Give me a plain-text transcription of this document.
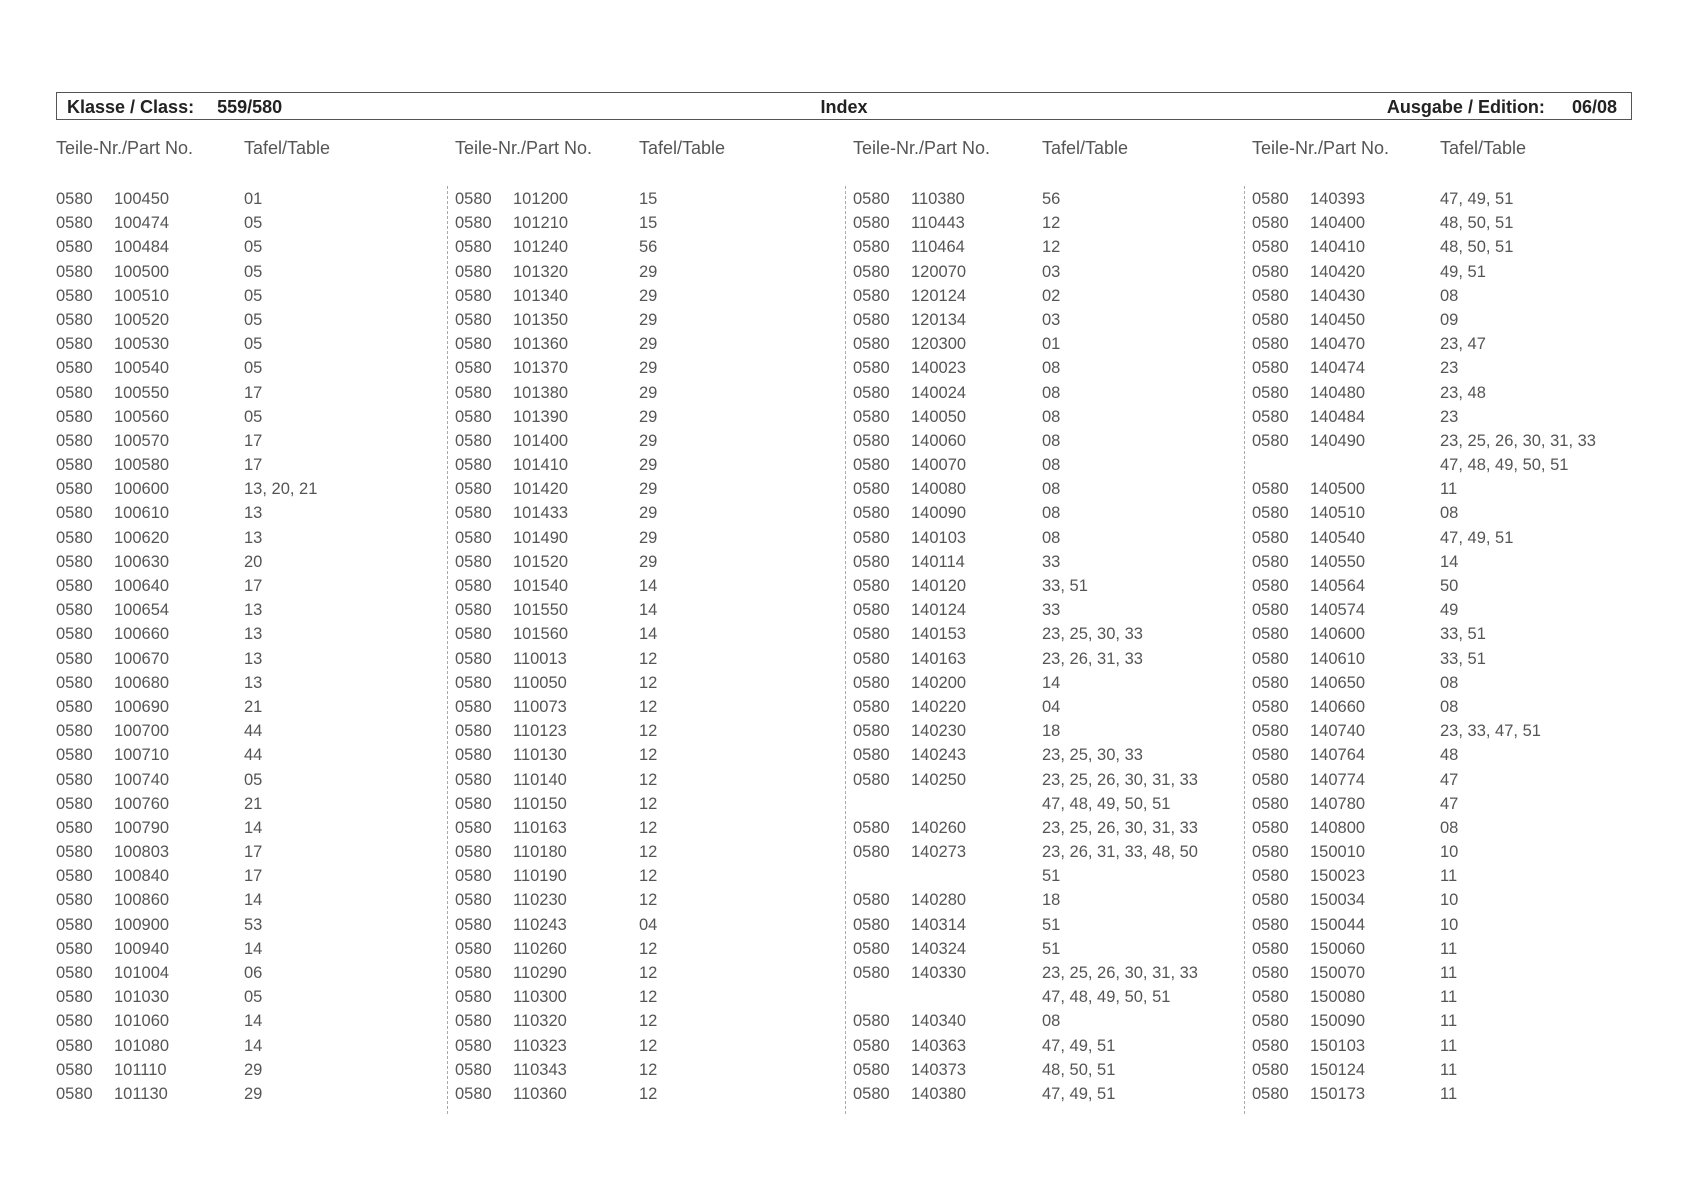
Klasse / Class: 559/580	Index	Ausgabe / Edition: 06/08
Teile-Nr./Part No.	Tafel/Table
0580 100450	01
0580 100474	05
0580 100484	05
0580 100500	05
0580 100510	05
0580 100520	05
0580 100530	05
0580 100540	05
0580 100550	17
0580 100560	05
0580 100570	17
0580 100580	17
0580 100600	13, 20, 21
0580 100610	13
0580 100620	13
0580 100630	20
0580 100640	17
0580 100654	13
0580 100660	13
0580 100670	13
0580 100680	13
0580 100690	21
0580 100700	44
0580 100710	44
0580 100740	05
0580 100760	21
0580 100790	14
0580 100803	17
0580 100840	17
0580 100860	14
0580 100900	53
0580 100940	14
0580 101004	06
0580 101030	05
0580 101060	14
0580 101080	14
0580 101110	29
0580 101130	29
Teile-Nr./Part No.	Tafel/Table
0580 101200	15
0580 101210	15
0580 101240	56
0580 101320	29
0580 101340	29
0580 101350	29
0580 101360	29
0580 101370	29
0580 101380	29
0580 101390	29
0580 101400	29
0580 101410	29
0580 101420	29
0580 101433	29
0580 101490	29
0580 101520	29
0580 101540	14
0580 101550	14
0580 101560	14
0580 110013	12
0580 110050	12
0580 110073	12
0580 110123	12
0580 110130	12
0580 110140	12
0580 110150	12
0580 110163	12
0580 110180	12
0580 110190	12
0580 110230	12
0580 110243	04
0580 110260	12
0580 110290	12
0580 110300	12
0580 110320	12
0580 110323	12
0580 110343	12
0580 110360	12
Teile-Nr./Part No.	Tafel/Table
0580 110380	56
0580 110443	12
0580 110464	12
0580 120070	03
0580 120124	02
0580 120134	03
0580 120300	01
0580 140023	08
0580 140024	08
0580 140050	08
0580 140060	08
0580 140070	08
0580 140080	08
0580 140090	08
0580 140103	08
0580 140114	33
0580 140120	33, 51
0580 140124	33
0580 140153	23, 25, 30, 33
0580 140163	23, 26, 31, 33
0580 140200	14
0580 140220	04
0580 140230	18
0580 140243	23, 25, 30, 33
0580 140250	23, 25, 26, 30, 31, 33
47, 48, 49, 50, 51
0580 140260	23, 25, 26, 30, 31, 33
0580 140273	23, 26, 31, 33, 48, 50
51
0580 140280	18
0580 140314	51
0580 140324	51
0580 140330	23, 25, 26, 30, 31, 33
47, 48, 49, 50, 51
0580 140340	08
0580 140363	47, 49, 51
0580 140373	48, 50, 51
0580 140380	47, 49, 51
Teile-Nr./Part No.	Tafel/Table
0580 140393	47, 49, 51
0580 140400	48, 50, 51
0580 140410	48, 50, 51
0580 140420	49, 51
0580 140430	08
0580 140450	09
0580 140470	23, 47
0580 140474	23
0580 140480	23, 48
0580 140484	23
0580 140490	23, 25, 26, 30, 31, 33
47, 48, 49, 50, 51
0580 140500	11
0580 140510	08
0580 140540	47, 49, 51
0580 140550	14
0580 140564	50
0580 140574	49
0580 140600	33, 51
0580 140610	33, 51
0580 140650	08
0580 140660	08
0580 140740	23, 33, 47, 51
0580 140764	48
0580 140774	47
0580 140780	47
0580 140800	08
0580 150010	10
0580 150023	11
0580 150034	10
0580 150044	10
0580 150060	11
0580 150070	11
0580 150080	11
0580 150090	11
0580 150103	11
0580 150124	11
0580 150173	11
